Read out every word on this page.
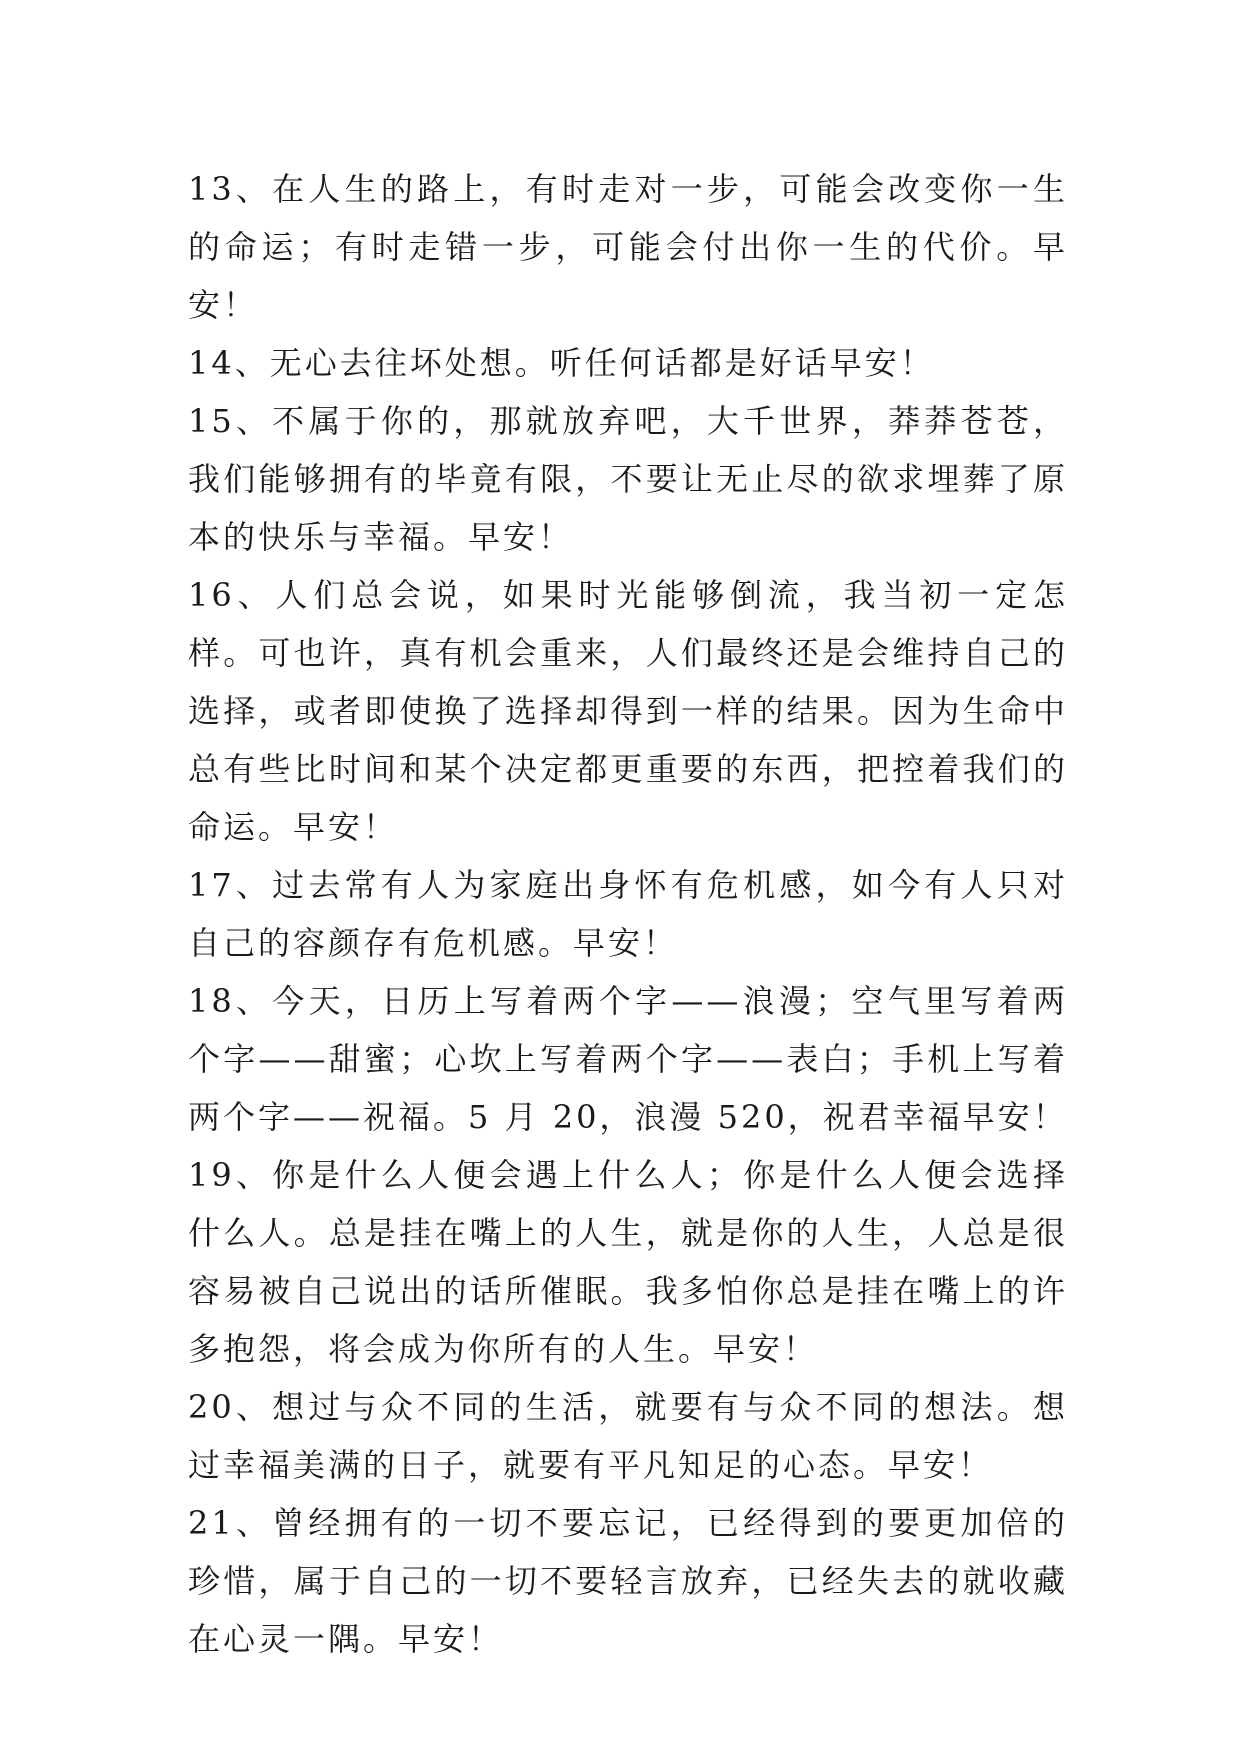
13、在人生的路上，有时走对一步，可能会改变你一生的命运；有时走错一步，可能会付出你一生的代价。早安！

14、无心去往坏处想。听任何话都是好话早安！

15、不属于你的，那就放弃吧，大千世界，莽莽苍苍，我们能够拥有的毕竟有限，不要让无止尽的欲求埋葬了原本的快乐与幸福。早安！

16、人们总会说，如果时光能够倒流，我当初一定怎样。可也许，真有机会重来，人们最终还是会维持自己的选择，或者即使换了选择却得到一样的结果。因为生命中总有些比时间和某个决定都更重要的东西，把控着我们的命运。早安！

17、过去常有人为家庭出身怀有危机感，如今有人只对自己的容颜存有危机感。早安！

18、今天，日历上写着两个字——浪漫；空气里写着两个字——甜蜜；心坎上写着两个字——表白；手机上写着两个字——祝福。5 月 20，浪漫 520，祝君幸福早安！

19、你是什么人便会遇上什么人；你是什么人便会选择什么人。总是挂在嘴上的人生，就是你的人生，人总是很容易被自己说出的话所催眠。我多怕你总是挂在嘴上的许多抱怨，将会成为你所有的人生。早安！

20、想过与众不同的生活，就要有与众不同的想法。想过幸福美满的日子，就要有平凡知足的心态。早安！

21、曾经拥有的一切不要忘记，已经得到的要更加倍的珍惜，属于自己的一切不要轻言放弃，已经失去的就收藏在心灵一隅。早安！
